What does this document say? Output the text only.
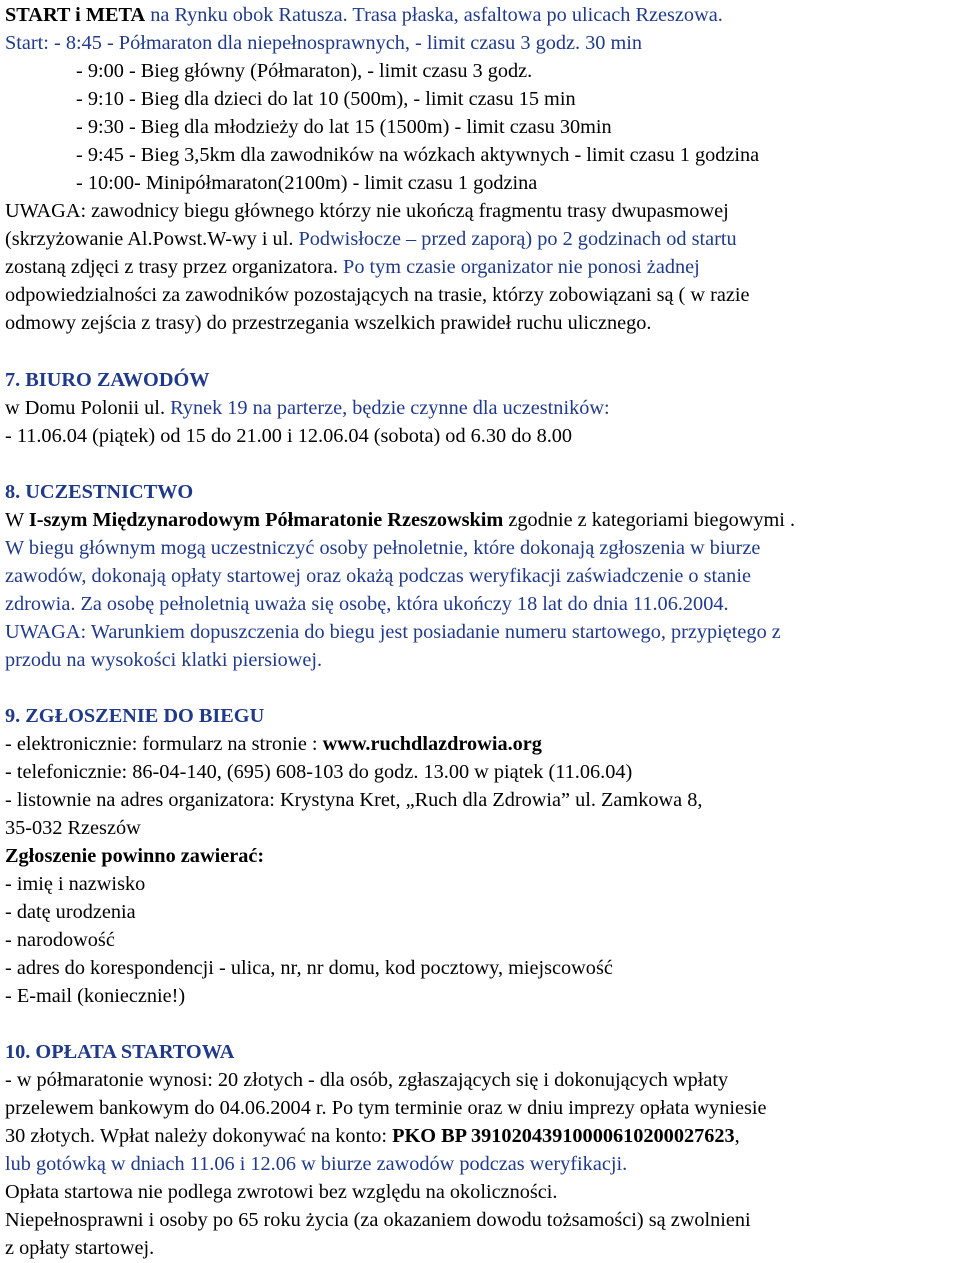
START i META na Rynku obok Ratusza. Trasa płaska, asfaltowa po ulicach Rzeszowa.
Start: - 8:45 - Półmaraton dla niepełnosprawnych, - limit czasu 3 godz. 30 min
- 9:00 - Bieg główny (Półmaraton), - limit czasu 3 godz.
- 9:10 - Bieg dla dzieci do lat 10 (500m), - limit czasu 15 min
- 9:30 - Bieg dla młodzieży do lat 15 (1500m) - limit czasu 30min
- 9:45 - Bieg 3,5km dla zawodników na wózkach aktywnych - limit czasu 1 godzina
- 10:00- Minipółmaraton(2100m) - limit czasu 1 godzina
UWAGA: zawodnicy biegu głównego którzy nie ukończą fragmentu trasy dwupasmowej
(skrzyżowanie Al.Powst.W-wy i ul. Podwisłocze – przed zaporą) po 2 godzinach od startu
zostaną zdjęci z trasy przez organizatora. Po tym czasie organizator nie ponosi żadnej
odpowiedzialności za zawodników pozostających na trasie, którzy zobowiązani są ( w razie
odmowy zejścia z trasy) do przestrzegania wszelkich prawideł ruchu ulicznego.
7. BIURO ZAWODÓW
w Domu Polonii ul. Rynek 19 na parterze, będzie czynne dla uczestników:
- 11.06.04 (piątek) od 15 do 21.00 i 12.06.04 (sobota) od 6.30 do 8.00
8. UCZESTNICTWO
W I-szym Międzynarodowym Półmaratonie Rzeszowskim zgodnie z kategoriami biegowymi .
W biegu głównym mogą uczestniczyć osoby pełnoletnie, które dokonają zgłoszenia w biurze
zawodów, dokonają opłaty startowej oraz okażą podczas weryfikacji zaświadczenie o stanie
zdrowia. Za osobę pełnoletnią uważa się osobę, która ukończy 18 lat do dnia 11.06.2004.
UWAGA: Warunkiem dopuszczenia do biegu jest posiadanie numeru startowego, przypiętego z
przodu na wysokości klatki piersiowej.
9. ZGŁOSZENIE DO BIEGU
- elektronicznie: formularz na stronie : www.ruchdlazdrowia.org
- telefonicznie: 86-04-140, (695) 608-103 do godz. 13.00 w piątek (11.06.04)
- listownie na adres organizatora: Krystyna Kret, „Ruch dla Zdrowia” ul. Zamkowa 8,
35-032 Rzeszów
Zgłoszenie powinno zawierać:
- imię i nazwisko
- datę urodzenia
- narodowość
- adres do korespondencji - ulica, nr, nr domu, kod pocztowy, miejscowość
- E-mail (koniecznie!)
10. OPŁATA STARTOWA
- w półmaratonie wynosi: 20 złotych - dla osób, zgłaszających się i dokonujących wpłaty
przelewem bankowym do 04.06.2004 r. Po tym terminie oraz w dniu imprezy opłata wyniesie
30 złotych. Wpłat należy dokonywać na konto: PKO BP 39102043910000610200027623,
lub gotówką w dniach 11.06 i 12.06 w biurze zawodów podczas weryfikacji.
Opłata startowa nie podlega zwrotowi bez względu na okoliczności.
Niepełnosprawni i osoby po 65 roku życia (za okazaniem dowodu tożsamości) są zwolnieni
z opłaty startowej.
